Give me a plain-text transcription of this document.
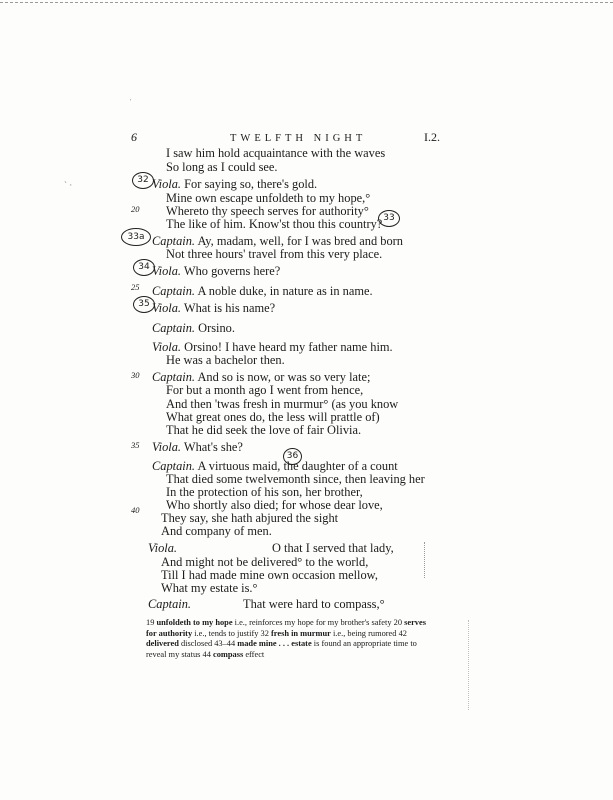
'
` ·
6	TWELFTH NIGHT	I.2.
20
25
30
35
40
I saw him hold acquaintance with the waves
So long as I could see.
Viola. For saying so, there's gold.
Mine own escape unfoldeth to my hope,°
Whereto thy speech serves for authority°
The like of him. Know'st thou this country?
Captain. Ay, madam, well, for I was bred and born
Not three hours' travel from this very place.
Viola. Who governs here?
Captain. A noble duke, in nature as in name.
Viola. What is his name?
Captain. Orsino.
Viola. Orsino! I have heard my father name him.
He was a bachelor then.
Captain. And so is now, or was so very late;
For but a month ago I went from hence,
And then 'twas fresh in murmur° (as you know
What great ones do, the less will prattle of)
That he did seek the love of fair Olivia.
Viola. What's she?
Captain. A virtuous maid, the daughter of a count
That died some twelvemonth since, then leaving her
In the protection of his son, her brother,
Who shortly also died; for whose dear love,
They say, she hath abjured the sight
And company of men.
Viola.	O that I served that lady,
And might not be delivered° to the world,
Till I had made mine own occasion mellow,
What my estate is.°
Captain.	That were hard to compass,°
32
33
33a
34
35
36
19 unfoldeth to my hope i.e., reinforces my hope for my brother's safety 20 serves for authority i.e., tends to justify 32 fresh in murmur i.e., being rumored 42 delivered disclosed 43–44 made mine . . . estate is found an appropriate time to reveal my status 44 compass effect
